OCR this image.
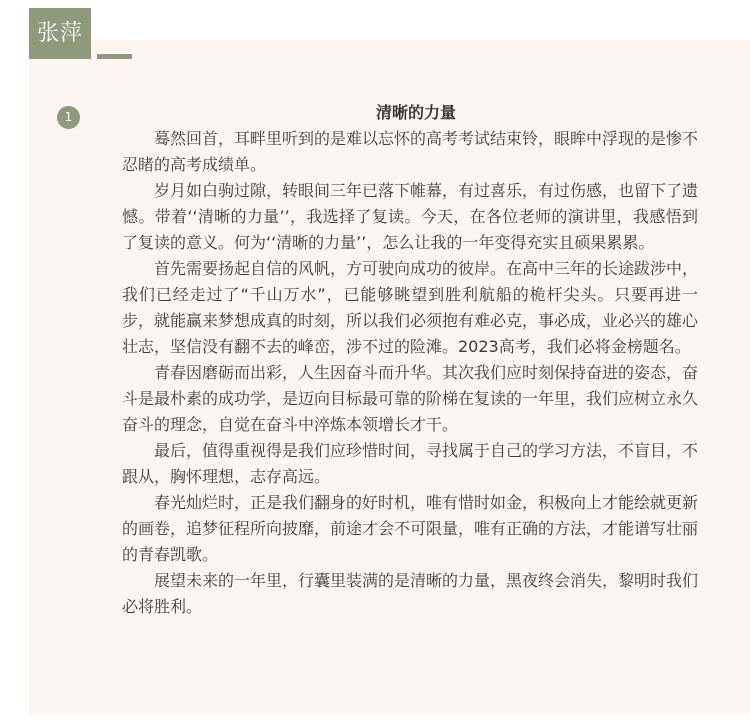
张萍
1	清晰的力量

蓦然回首，耳畔里听到的是难以忘怀的高考考试结束铃，眼眸中浮现的是惨不忍睹的高考成绩单。

岁月如白驹过隙，转眼间三年已落下帷幕，有过喜乐，有过伤感，也留下了遗憾。带着‘‘清晰的力量’’，我选择了复读。今天，在各位老师的演讲里，我感悟到了复读的意义。何为‘‘清晰的力量’’，怎么让我的一年变得充实且硕果累累。

首先需要扬起自信的风帆，方可驶向成功的彼岸。在高中三年的长途跋涉中，我们已经走过了“千山万水”，已能够眺望到胜利航船的桅杆尖头。只要再进一步，就能赢来梦想成真的时刻，所以我们必须抱有难必克，事必成，业必兴的雄心壮志，坚信没有翻不去的峰峦，涉不过的险滩。2023高考，我们必将金榜题名。

青春因磨砺而出彩，人生因奋斗而升华。其次我们应时刻保持奋进的姿态，奋斗是最朴素的成功学，是迈向目标最可靠的阶梯在复读的一年里，我们应树立永久奋斗的理念，自觉在奋斗中淬炼本领增长才干。

最后，值得重视得是我们应珍惜时间，寻找属于自己的学习方法，不盲目，不跟从，胸怀理想，志存高远。

春光灿烂时，正是我们翻身的好时机，唯有惜时如金，积极向上才能绘就更新的画卷，追梦征程所向披靡，前途才会不可限量，唯有正确的方法，才能谱写壮丽的青春凯歌。

展望未来的一年里，行囊里装满的是清晰的力量，黑夜终会消失，黎明时我们必将胜利。
